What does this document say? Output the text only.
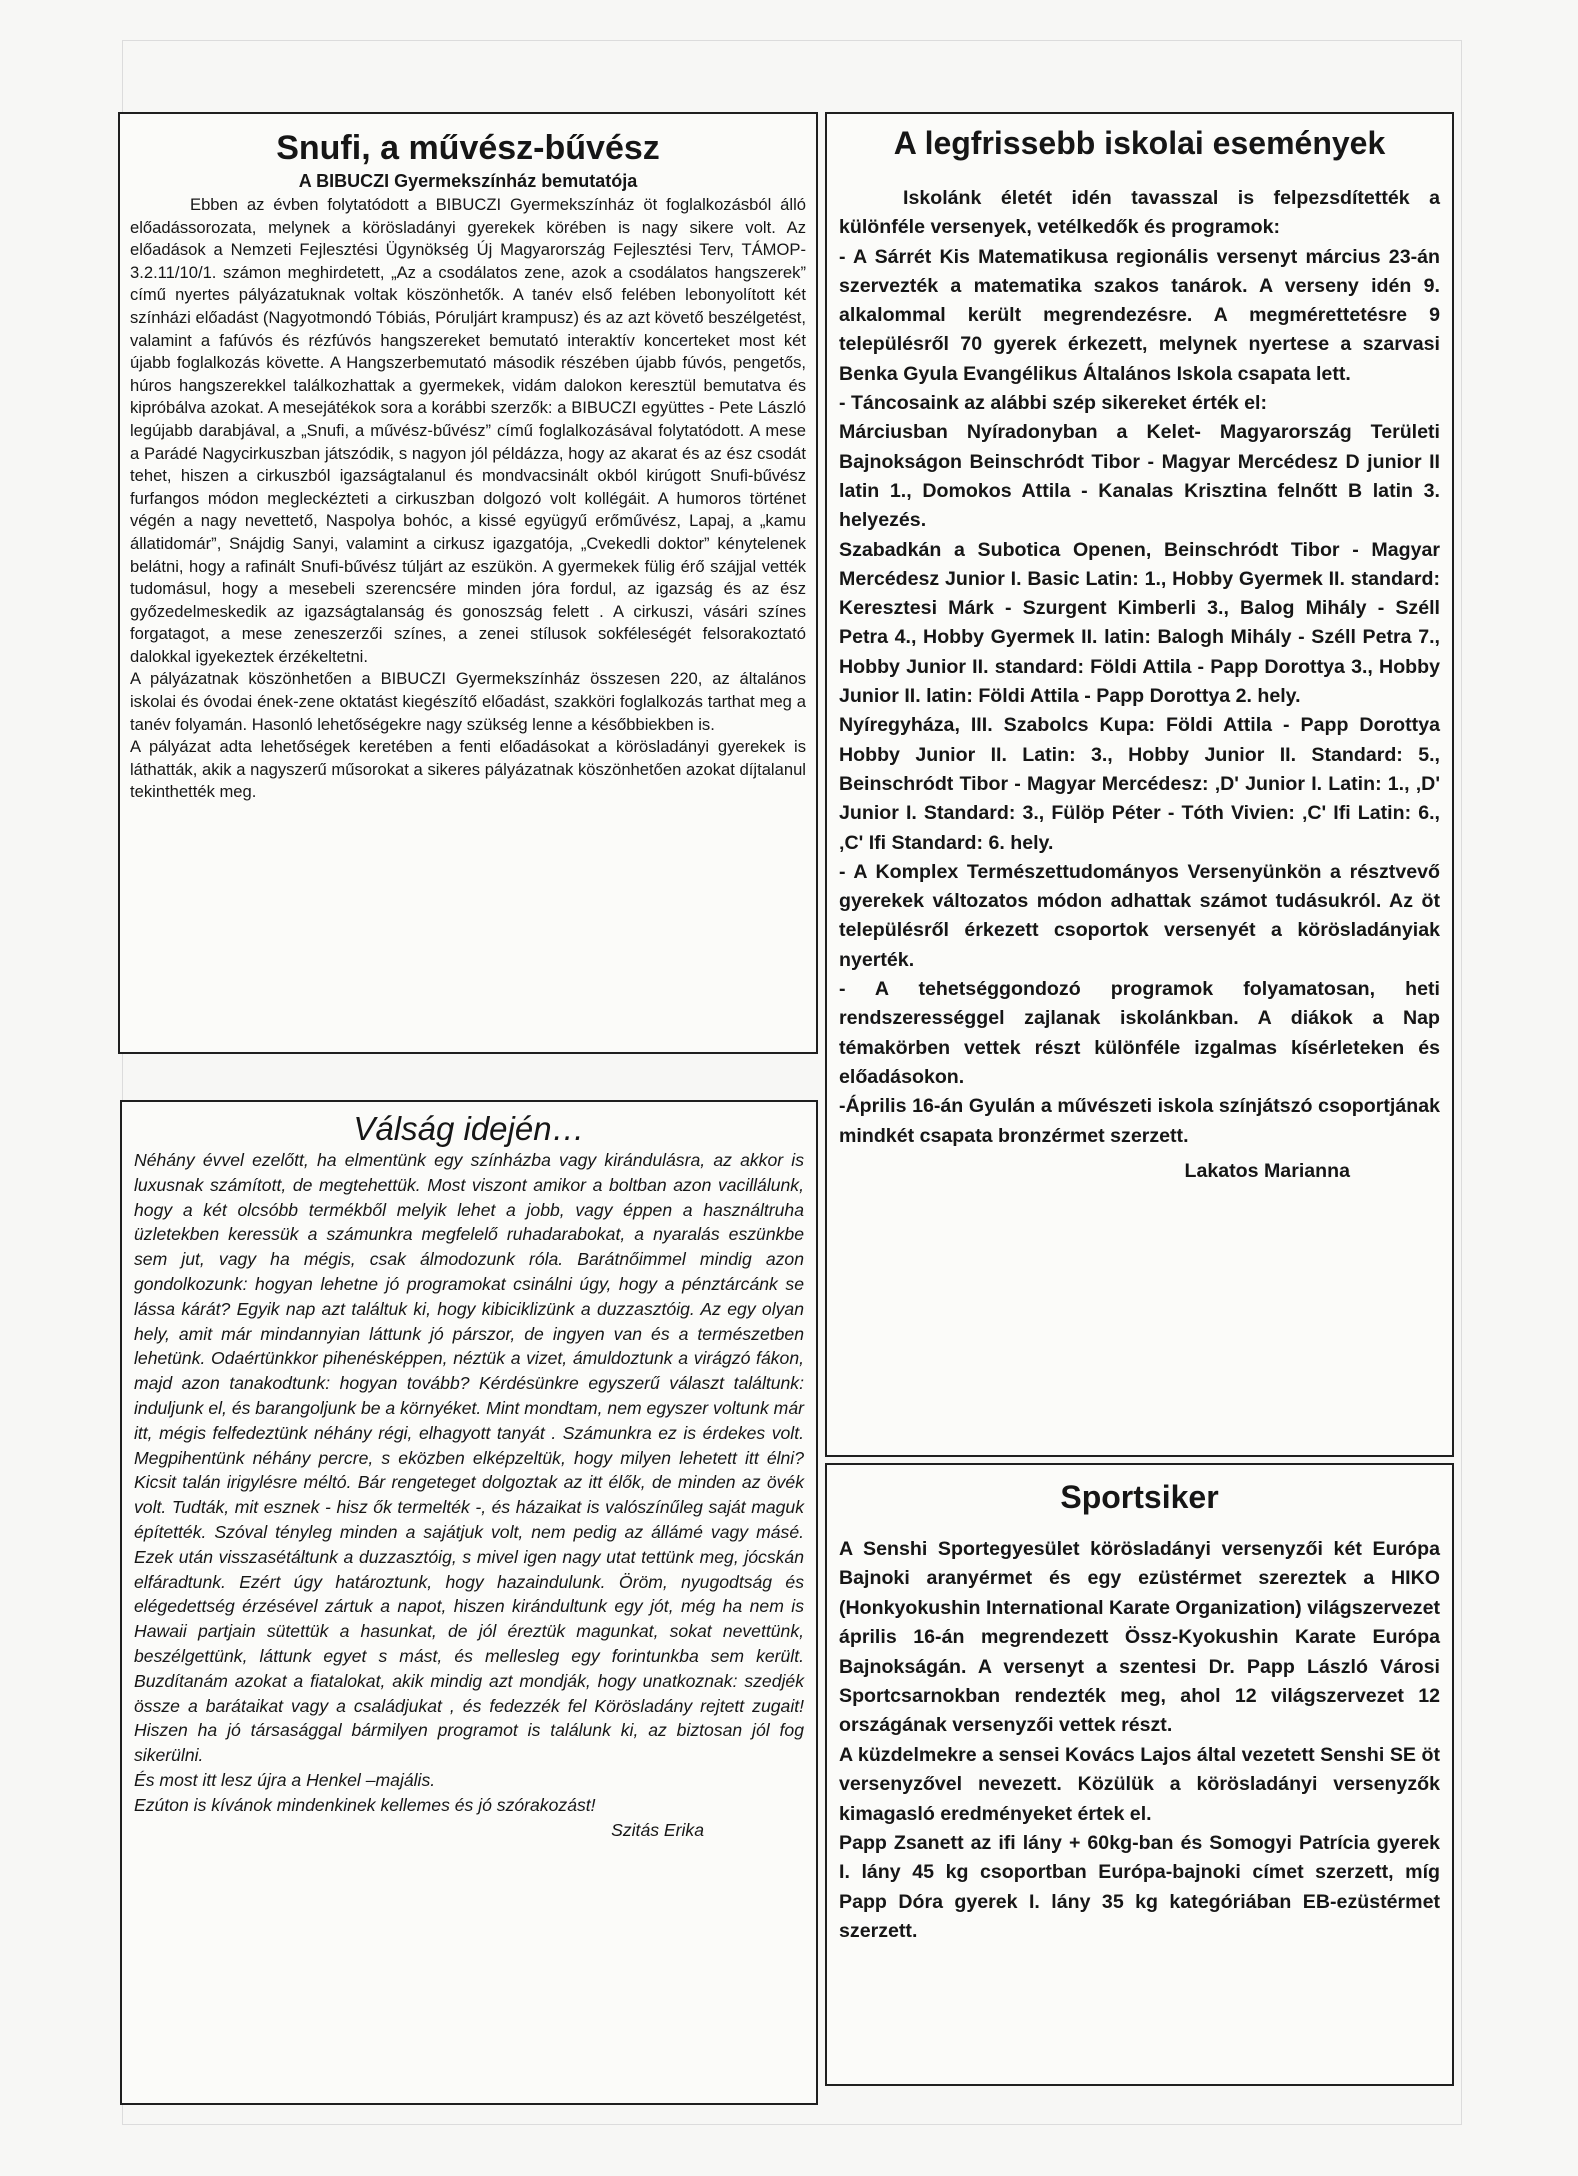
Snufi, a művész-bűvész
A BIBUCZI Gyermekszínház bemutatója

Ebben az évben folytatódott a BIBUCZI Gyermekszínház öt foglalkozásból álló előadássorozata, melynek a körösladányi gyerekek körében is nagy sikere volt. Az előadások a Nemzeti Fejlesztési Ügynökség Új Magyarország Fejlesztési Terv, TÁMOP-3.2.11/10/1. számon meghirdetett, „Az a csodálatos zene, azok a csodálatos hangszerek” című nyertes pályázatuknak voltak köszönhetők. A tanév első felében lebonyolított két színházi előadást (Nagyotmondó Tóbiás, Póruljárt krampusz) és az azt követő beszélgetést, valamint a fafúvós és rézfúvós hangszereket bemutató interaktív koncerteket most két újabb foglalkozás követte. A Hangszerbemutató második részében újabb fúvós, pengetős, húros hangszerekkel találkozhattak a gyermekek, vidám dalokon keresztül bemutatva és kipróbálva azokat. A mesejátékok sora a korábbi szerzők: a BIBUCZI együttes - Pete László legújabb darabjával, a „Snufi, a művész-bűvész” című foglalkozásával folytatódott. A mese a Parádé Nagycirkuszban játszódik, s nagyon jól példázza, hogy az akarat és az ész csodát tehet, hiszen a cirkuszból igazságtalanul és mondvacsinált okból kirúgott Snufi-bűvész furfangos módon megleckézteti a cirkuszban dolgozó volt kollégáit. A humoros történet végén a nagy nevettető, Naspolya bohóc, a kissé együgyű erőművész, Lapaj, a „kamu állatidomár”, Snájdig Sanyi, valamint a cirkusz igazgatója, „Cvekedli doktor” kénytelenek belátni, hogy a rafinált Snufi-bűvész túljárt az eszükön. A gyermekek fülig érő szájjal vették tudomásul, hogy a mesebeli szerencsére minden jóra fordul, az igazság és az ész győzedelmeskedik az igazságtalanság és gonoszság felett . A cirkuszi, vásári színes forgatagot, a mese zeneszerzői színes, a zenei stílusok sokféleségét felsorakoztató dalokkal igyekeztek érzékeltetni.

A pályázatnak köszönhetően a BIBUCZI Gyermekszínház összesen 220, az általános iskolai és óvodai ének-zene oktatást kiegészítő előadást, szakköri foglalkozás tarthat meg a tanév folyamán. Hasonló lehetőségekre nagy szükség lenne a későbbiekben is.

A pályázat adta lehetőségek keretében a fenti előadásokat a körösladányi gyerekek is láthatták, akik a nagyszerű műsorokat a sikeres pályázatnak köszönhetően azokat díjtalanul tekinthették meg.

Válság idején…

Néhány évvel ezelőtt, ha elmentünk egy színházba vagy kirándulásra, az akkor is luxusnak számított, de megtehettük. Most viszont amikor a boltban azon vacillálunk, hogy a két olcsóbb termékből melyik lehet a jobb, vagy éppen a használtruha üzletekben keressük a számunkra megfelelő ruhadarabokat, a nyaralás eszünkbe sem jut, vagy ha mégis, csak álmodozunk róla. Barátnőimmel mindig azon gondolkozunk: hogyan lehetne jó programokat csinálni úgy, hogy a pénztárcánk se lássa kárát? Egyik nap azt találtuk ki, hogy kibiciklizünk a duzzasztóig. Az egy olyan hely, amit már mindannyian láttunk jó párszor, de ingyen van és a természetben lehetünk. Odaértünkkor pihenésképpen, néztük a vizet, ámuldoztunk a virágzó fákon, majd azon tanakodtunk: hogyan tovább? Kérdésünkre egyszerű választ találtunk: induljunk el, és barangoljunk be a környéket. Mint mondtam, nem egyszer voltunk már itt, mégis felfedeztünk néhány régi, elhagyott tanyát . Számunkra ez is érdekes volt. Megpihentünk néhány percre, s eközben elképzeltük, hogy milyen lehetett itt élni? Kicsit talán irigylésre méltó. Bár rengeteget dolgoztak az itt élők, de minden az övék volt. Tudták, mit esznek - hisz ők termelték -, és házaikat is valószínűleg saját maguk építették. Szóval tényleg minden a sajátjuk volt, nem pedig az állámé vagy másé. Ezek után visszasétáltunk a duzzasztóig, s mivel igen nagy utat tettünk meg, jócskán elfáradtunk. Ezért úgy határoztunk, hogy hazaindulunk. Öröm, nyugodtság és elégedettség érzésével zártuk a napot, hiszen kirándultunk egy jót, még ha nem is Hawaii partjain sütettük a hasunkat, de jól éreztük magunkat, sokat nevettünk, beszélgettünk, láttunk egyet s mást, és mellesleg egy forintunkba sem került. Buzdítanám azokat a fiatalokat, akik mindig azt mondják, hogy unatkoznak: szedjék össze a barátaikat vagy a családjukat , és fedezzék fel Körösladány rejtett zugait! Hiszen ha jó társasággal bármilyen programot is találunk ki, az biztosan jól fog sikerülni.

És most itt lesz újra a Henkel –majális.

Ezúton is kívánok mindenkinek kellemes és jó szórakozást!

Szitás Erika
A legfrissebb iskolai események

Iskolánk életét idén tavasszal is felpezsdítették a különféle versenyek, vetélkedők és programok:

- A Sárrét Kis Matematikusa regionális versenyt március 23-án szervezték a matematika szakos tanárok. A verseny idén 9. alkalommal került megrendezésre. A megmérettetésre 9 településről 70 gyerek érkezett, melynek nyertese a szarvasi Benka Gyula Evangélikus Általános Iskola csapata lett.

- Táncosaink az alábbi szép sikereket érték el:

Márciusban Nyíradonyban a Kelet- Magyarország Területi Bajnokságon Beinschródt Tibor - Magyar Mercédesz D junior II latin 1., Domokos Attila - Kanalas Krisztina felnőtt B latin 3. helyezés.

Szabadkán a Subotica Openen, Beinschródt Tibor - Magyar Mercédesz Junior I. Basic Latin: 1., Hobby Gyermek II. standard: Keresztesi Márk - Szurgent Kimberli 3., Balog Mihály - Széll Petra 4., Hobby Gyermek II. latin: Balogh Mihály - Széll Petra 7., Hobby Junior II. standard: Földi Attila - Papp Dorottya 3., Hobby Junior II. latin: Földi Attila - Papp Dorottya 2. hely.

Nyíregyháza, III. Szabolcs Kupa: Földi Attila - Papp Dorottya Hobby Junior II. Latin: 3., Hobby Junior II. Standard: 5., Beinschródt Tibor - Magyar Mercédesz: ‚D' Junior I. Latin: 1., ‚D' Junior I. Standard: 3., Fülöp Péter - Tóth Vivien: ‚C' Ifi Latin: 6., ‚C' Ifi Standard: 6. hely.

- A Komplex Természettudományos Versenyünkön a résztvevő gyerekek változatos módon adhattak számot tudásukról. Az öt településről érkezett csoportok versenyét a körösladányiak nyerték.

- A tehetséggondozó programok folyamatosan, heti rendszerességgel zajlanak iskolánkban. A diákok a Nap témakörben vettek részt különféle izgalmas kísérleteken és előadásokon.

-Április 16-án Gyulán a művészeti iskola színjátszó csoportjának mindkét csapata bronzérmet szerzett.

Lakatos Marianna
Sportsiker

A Senshi Sportegyesület körösladányi versenyzői két Európa Bajnoki aranyérmet és egy ezüstérmet szereztek a HIKO (Honkyokushin International Karate Organization) világszervezet április 16-án megrendezett Össz-Kyokushin Karate Európa Bajnokságán. A versenyt a szentesi Dr. Papp László Városi Sportcsarnokban rendezték meg, ahol 12 világszervezet 12 országának versenyzői vettek részt.

A küzdelmekre a sensei Kovács Lajos által vezetett Senshi SE öt versenyzővel nevezett. Közülük a körösladányi versenyzők kimagasló eredményeket értek el.

Papp Zsanett az ifi lány + 60kg-ban és Somogyi Patrícia gyerek I. lány 45 kg csoportban Európa-bajnoki címet szerzett, míg Papp Dóra gyerek I. lány 35 kg kategóriában EB-ezüstérmet szerzett.
